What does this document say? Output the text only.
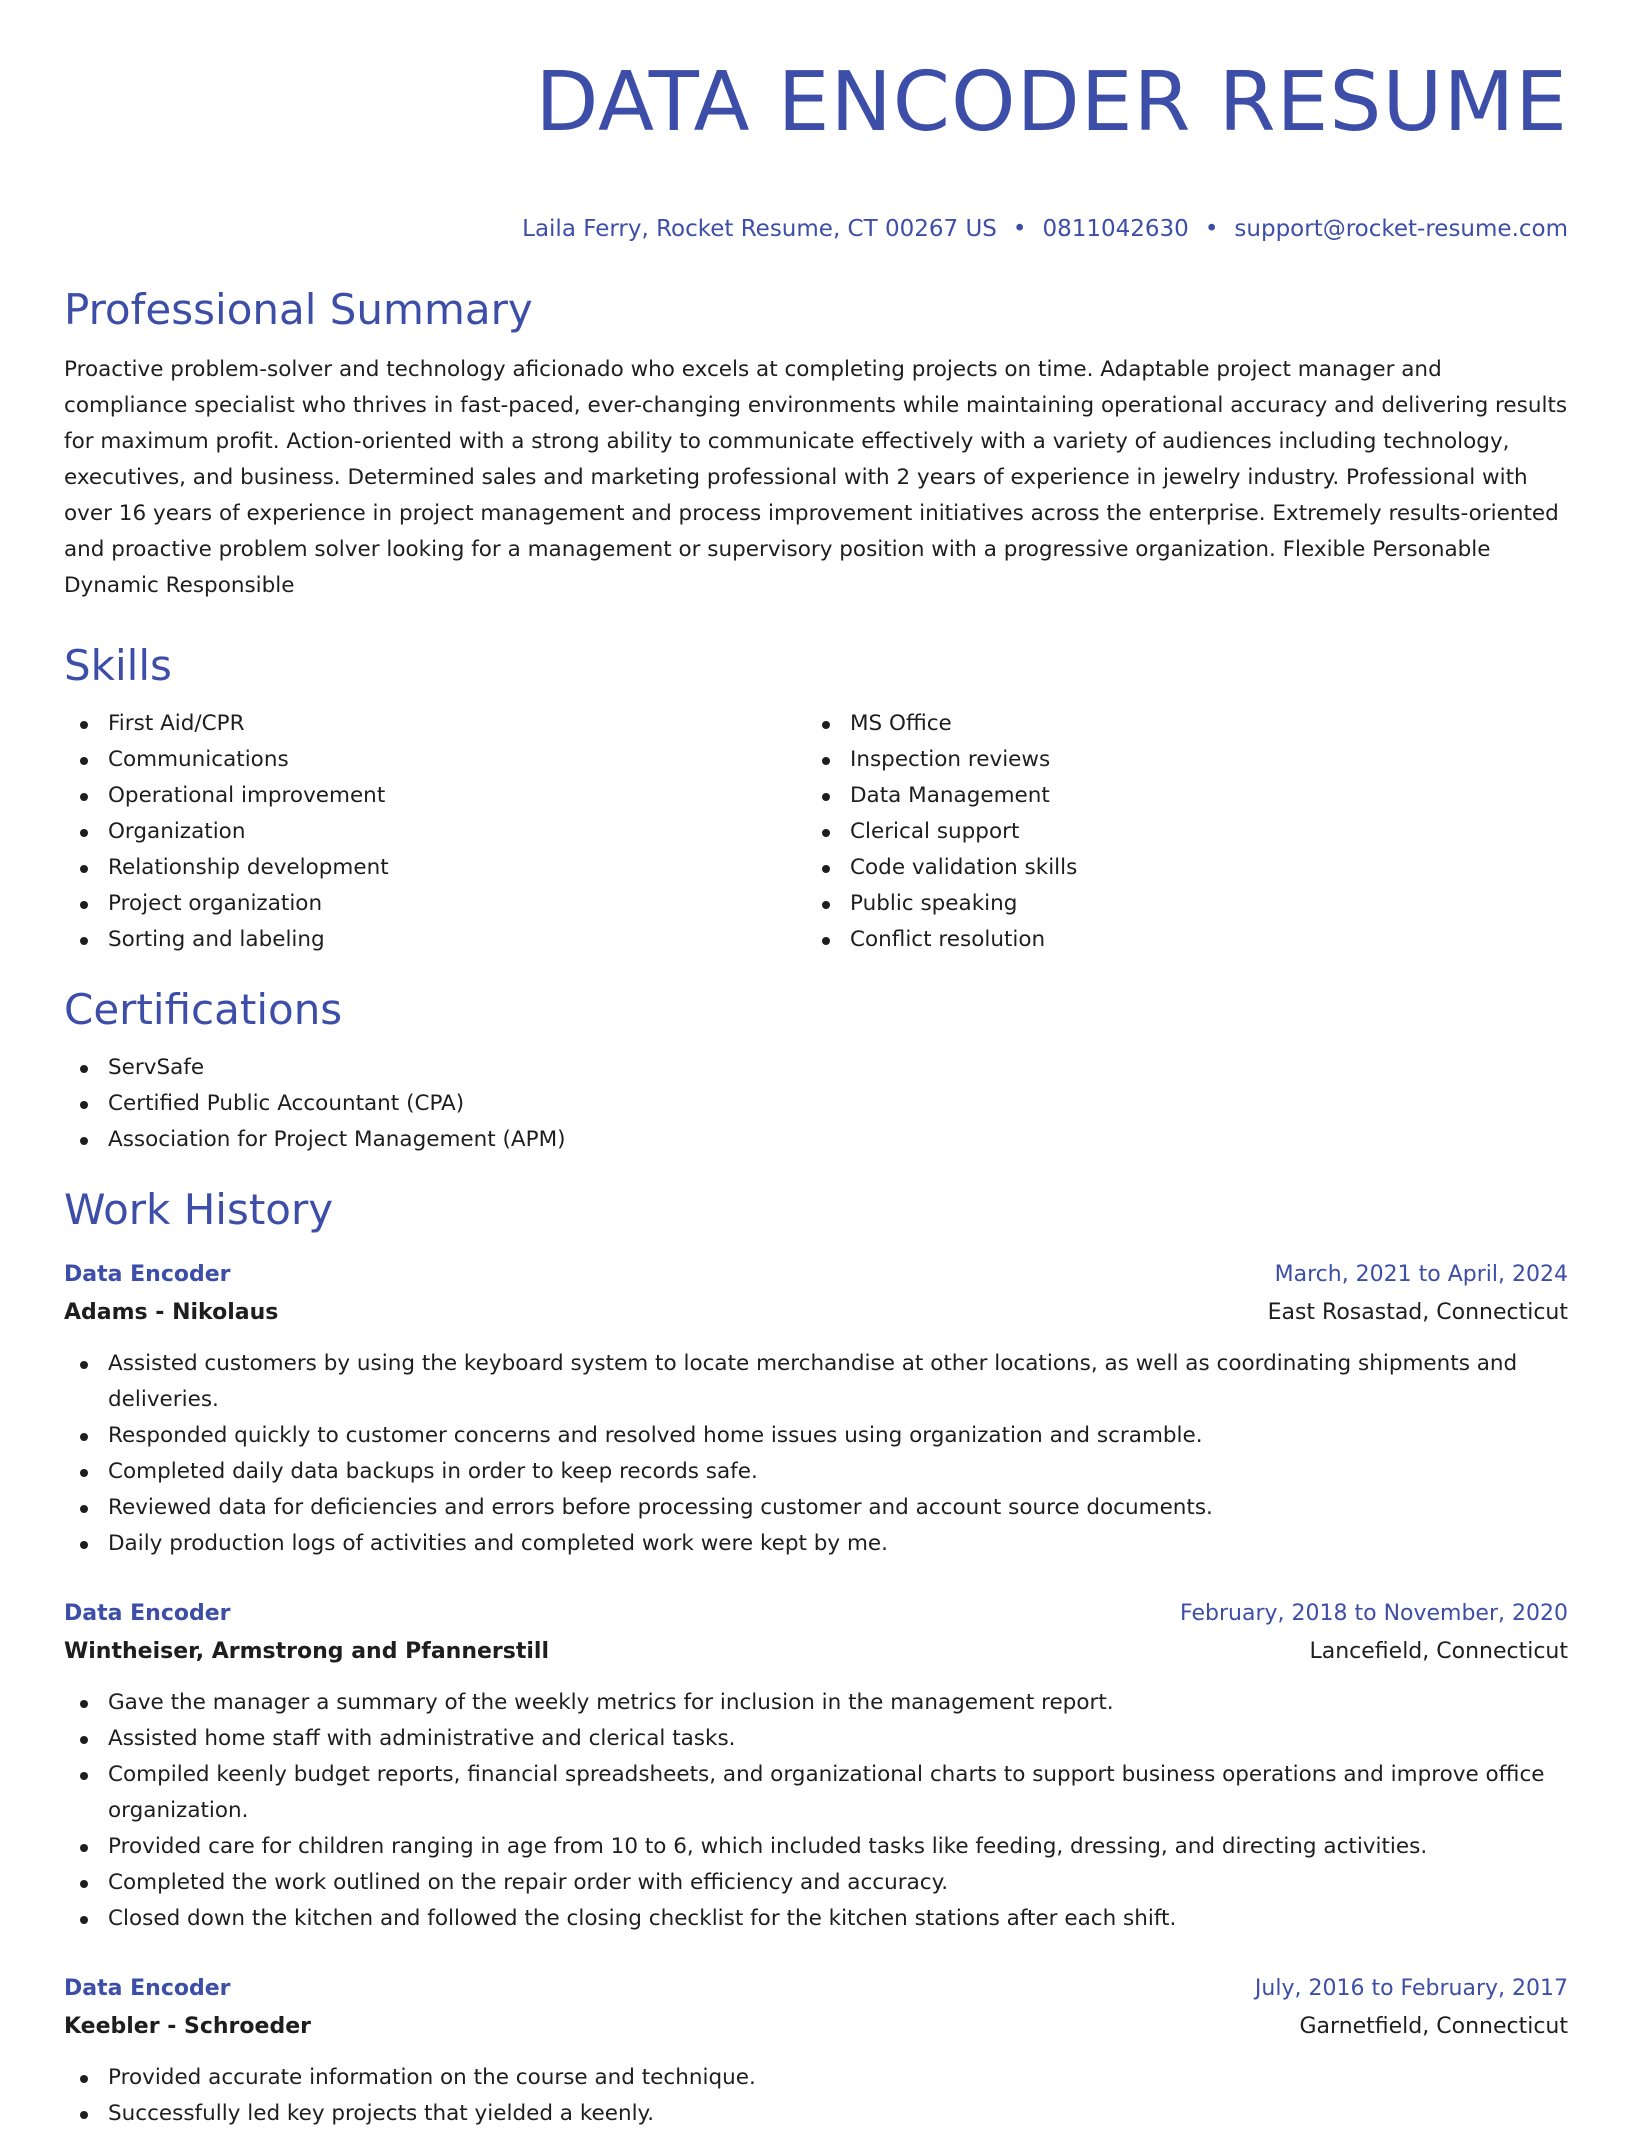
DATA ENCODER RESUME
Laila Ferry, Rocket Resume, CT 00267 US • 0811042630 • support@rocket-resume.com
Professional Summary

Proactive problem-solver and technology aficionado who excels at completing projects on time. Adaptable project manager and compliance specialist who thrives in fast-paced, ever-changing environments while maintaining operational accuracy and delivering results for maximum profit. Action-oriented with a strong ability to communicate effectively with a variety of audiences including technology, executives, and business. Determined sales and marketing professional with 2 years of experience in jewelry industry. Professional with over 16 years of experience in project management and process improvement initiatives across the enterprise. Extremely results-oriented and proactive problem solver looking for a management or supervisory position with a progressive organization. Flexible Personable Dynamic Responsible

Skills
First Aid/CPR
Communications
Operational improvement
Organization
Relationship development
Project organization
Sorting and labeling
MS Office
Inspection reviews
Data Management
Clerical support
Code validation skills
Public speaking
Conflict resolution
Certifications
ServSafe
Certified Public Accountant (CPA)
Association for Project Management (APM)
Work History
Data Encoder	March, 2021 to April, 2024
Adams - Nikolaus	East Rosastad, Connecticut
Assisted customers by using the keyboard system to locate merchandise at other locations, as well as coordinating shipments and deliveries.
Responded quickly to customer concerns and resolved home issues using organization and scramble.
Completed daily data backups in order to keep records safe.
Reviewed data for deficiencies and errors before processing customer and account source documents.
Daily production logs of activities and completed work were kept by me.
Data Encoder	February, 2018 to November, 2020
Wintheiser, Armstrong and Pfannerstill	Lancefield, Connecticut
Gave the manager a summary of the weekly metrics for inclusion in the management report.
Assisted home staff with administrative and clerical tasks.
Compiled keenly budget reports, financial spreadsheets, and organizational charts to support business operations and improve office organization.
Provided care for children ranging in age from 10 to 6, which included tasks like feeding, dressing, and directing activities.
Completed the work outlined on the repair order with efficiency and accuracy.
Closed down the kitchen and followed the closing checklist for the kitchen stations after each shift.
Data Encoder	July, 2016 to February, 2017
Keebler - Schroeder	Garnetfield, Connecticut
Provided accurate information on the course and technique.
Successfully led key projects that yielded a keenly.
